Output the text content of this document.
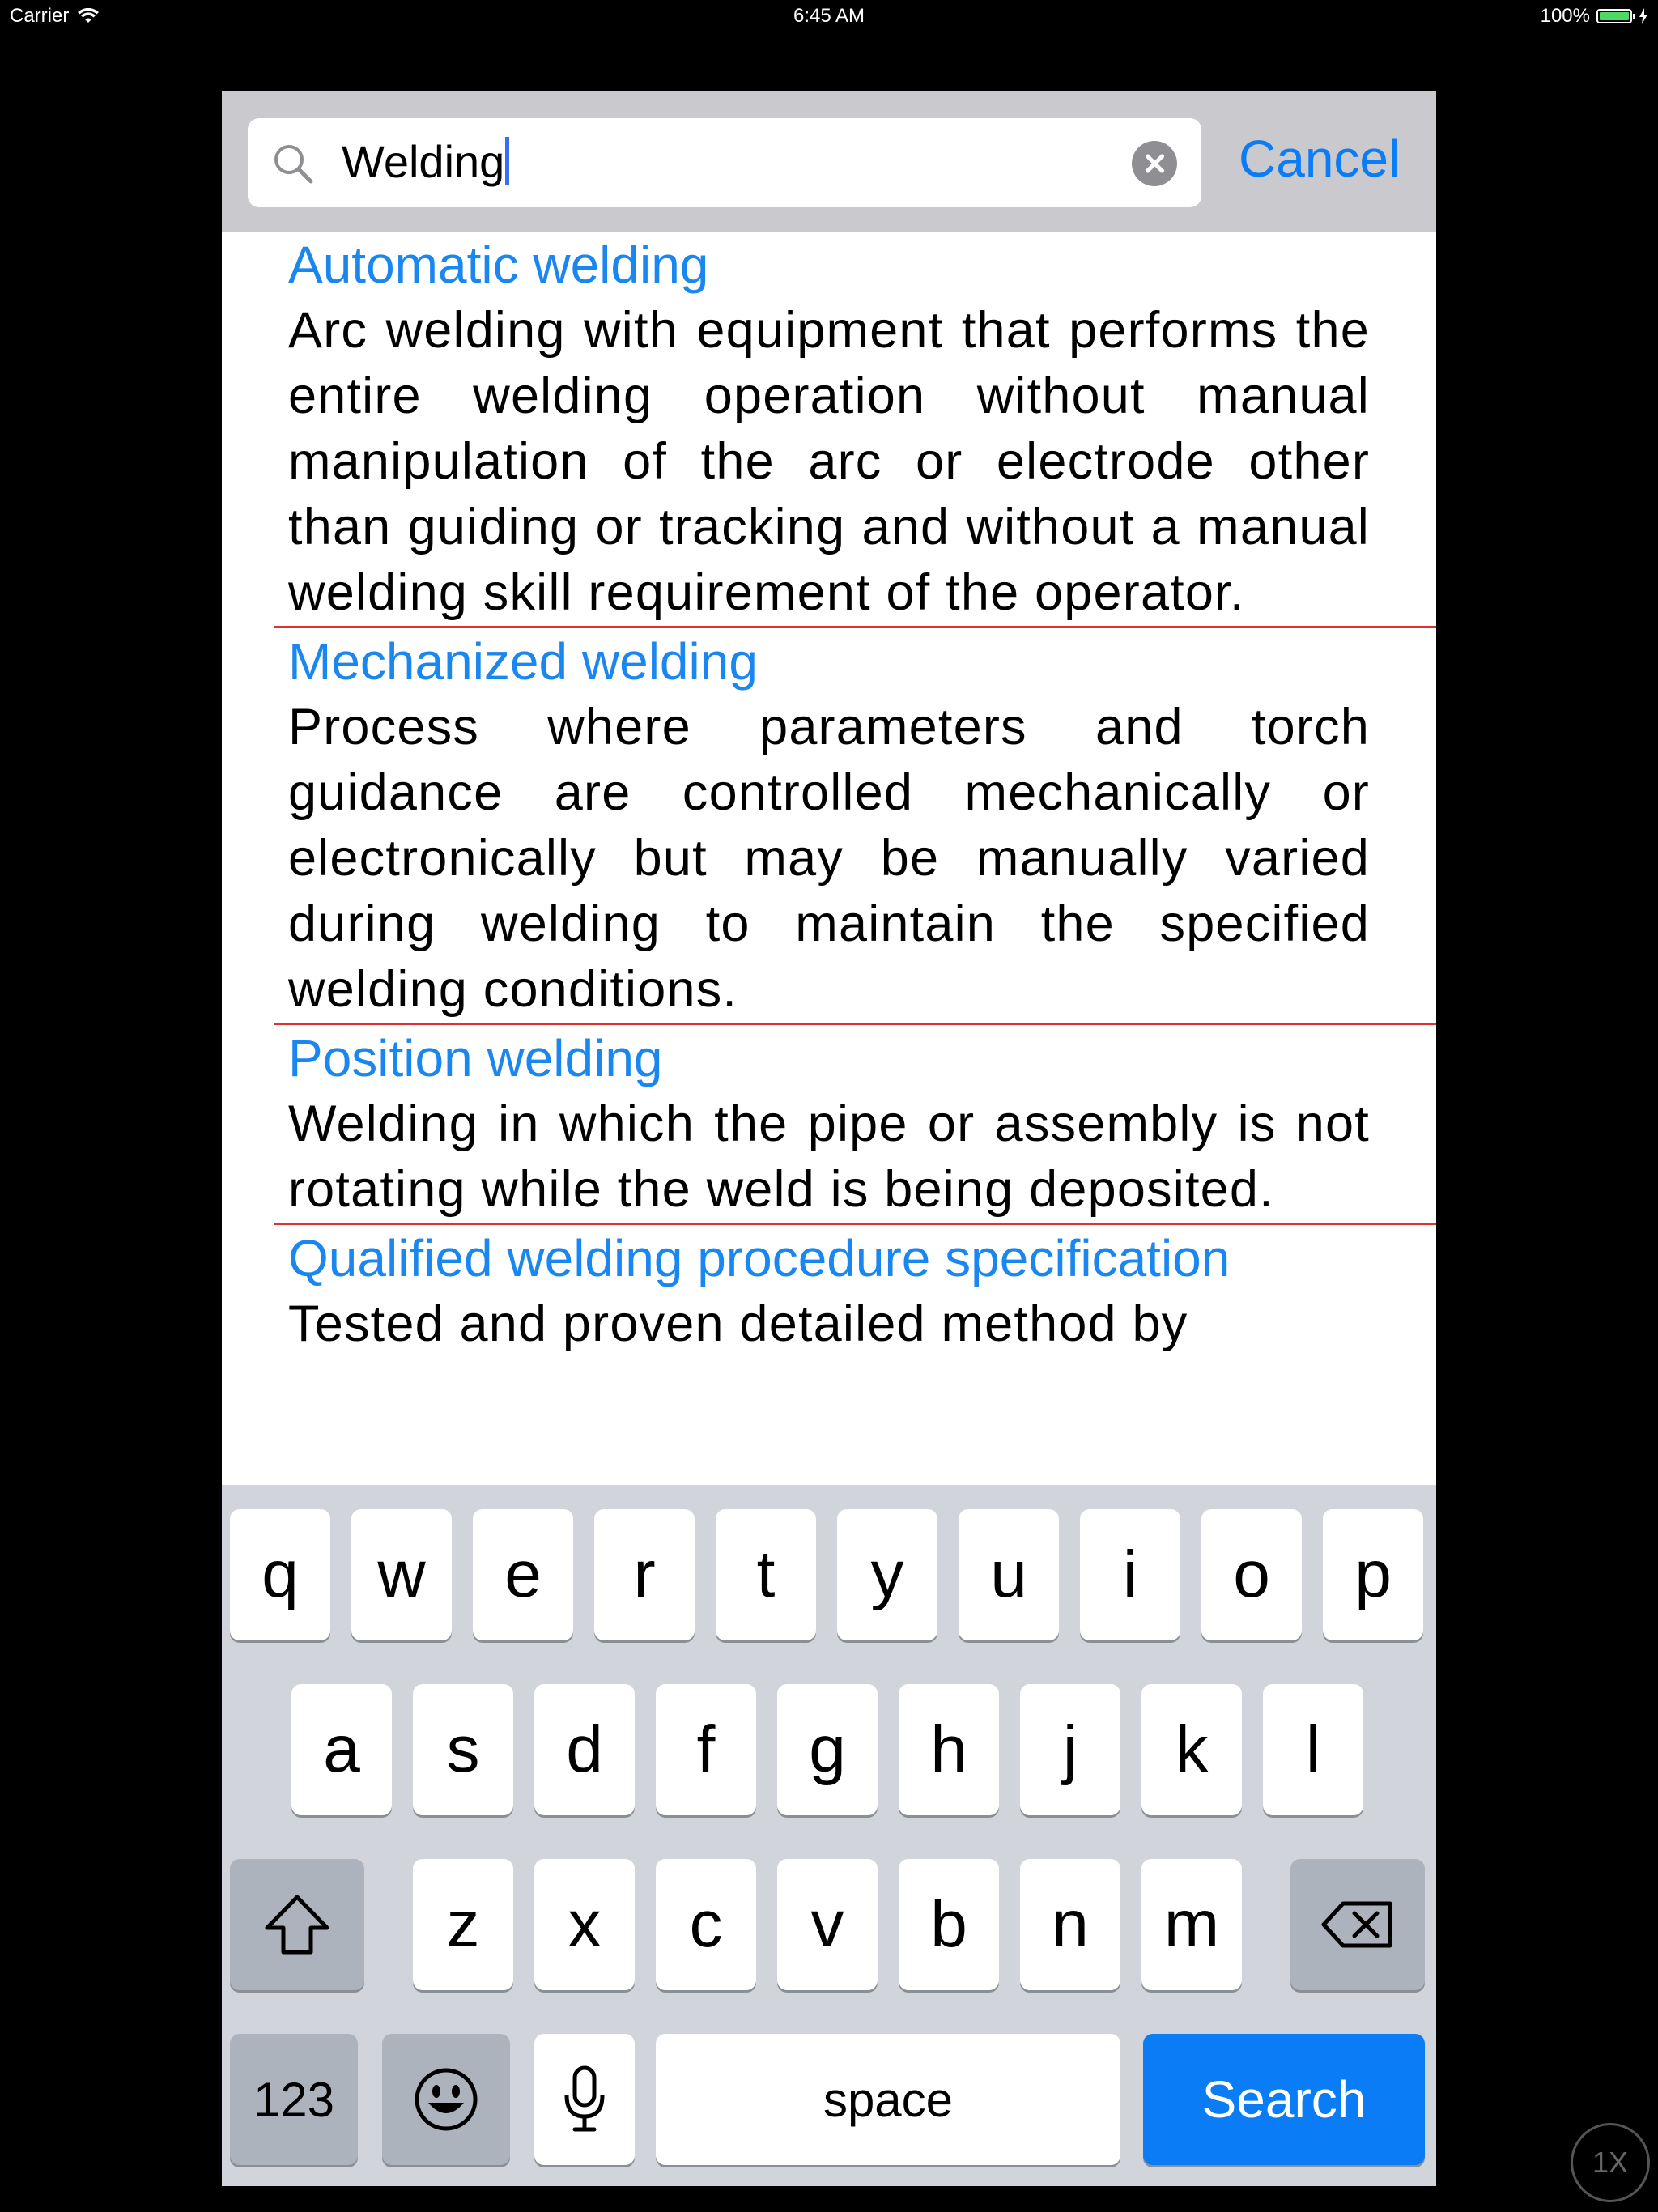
Carrier	6:45 AM	100%
Welding	Cancel

Automatic welding

Arc welding with equipment that performs the entire welding operation without manual manipulation of the arc or electrode other than guiding or tracking and without a manual welding skill requirement of the operator.

Mechanized welding

Process where parameters and torch guidance are controlled mechanically or electronically but may be manually varied during welding to maintain the specified welding conditions.

Position welding

Welding in which the pipe or assembly is not rotating while the weld is being deposited.

Qualified welding procedure specification

Tested and proven detailed method by

q	w	e	r	t	y	u	i	o	p
a	s	d	f	g	h	j	k	l
z	x	c	v	b	n	m
123	space	Search
1X
